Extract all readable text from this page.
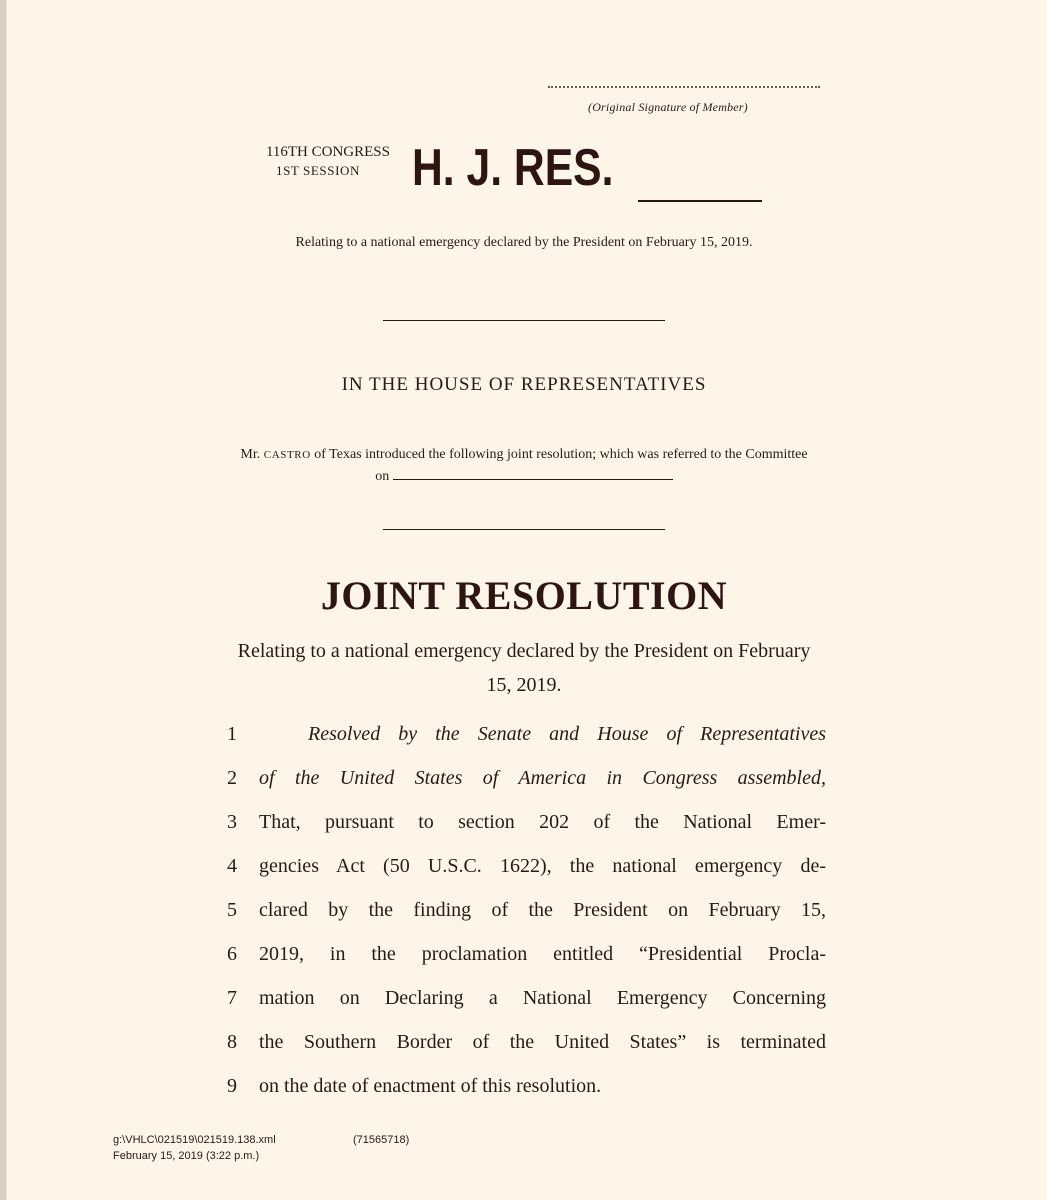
(Original Signature of Member)
116TH CONGRESS
1ST SESSION H. J. RES.
Relating to a national emergency declared by the President on February 15, 2019.
IN THE HOUSE OF REPRESENTATIVES
Mr. CASTRO of Texas introduced the following joint resolution; which was referred to the Committee on
JOINT RESOLUTION
Relating to a national emergency declared by the President on February 15, 2019.
1	Resolved by the Senate and House of Representatives
2	of the United States of America in Congress assembled,
3	That, pursuant to section 202 of the National Emer-
4	gencies Act (50 U.S.C. 1622), the national emergency de-
5	clared by the finding of the President on February 15,
6	2019, in the proclamation entitled “Presidential Procla-
7	mation on Declaring a National Emergency Concerning
8	the Southern Border of the United States” is terminated
9	on the date of enactment of this resolution.
g:\VHLC\021519\021519.138.xml	(71565718)
February 15, 2019 (3:22 p.m.)
